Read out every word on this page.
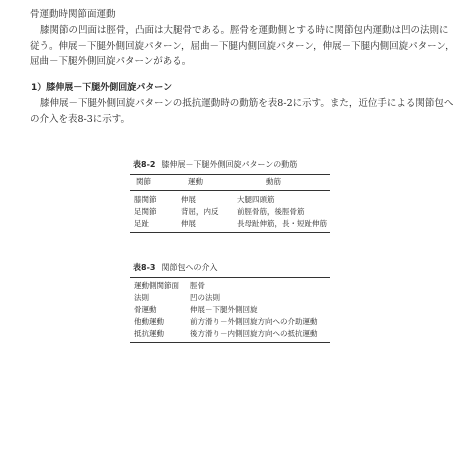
骨運動時関節面運動
膝関節の凹面は脛骨，凸面は大腿骨である。脛骨を運動側とする時に関節包内運動は凹の法則に
従う。伸展－下腿外側回旋パターン，屈曲－下腿内側回旋パターン，伸展－下腿内側回旋パターン，
屈曲－下腿外側回旋パターンがある。
1）膝伸展－下腿外側回旋パターン
膝伸展－下腿外側回旋パターンの抵抗運動時の動筋を表8-2に示す。また，近位手による関節包へ
の介入を表8-3に示す。
表8-2 膝伸展－下腿外側回旋パターンの動筋
関節	運動	動筋
膝関節	伸展	大腿四頭筋
足関節	背屈，内反 前脛骨筋，後脛骨筋
足趾	伸展	長母趾伸筋，長・短趾伸筋
表8-3 関節包への介入
運動側関節面 脛骨
法則	凹の法則
骨運動	伸展－下腿外側回旋
他動運動	前方滑り－外側回旋方向への介助運動
抵抗運動	後方滑り－内側回旋方向への抵抗運動
